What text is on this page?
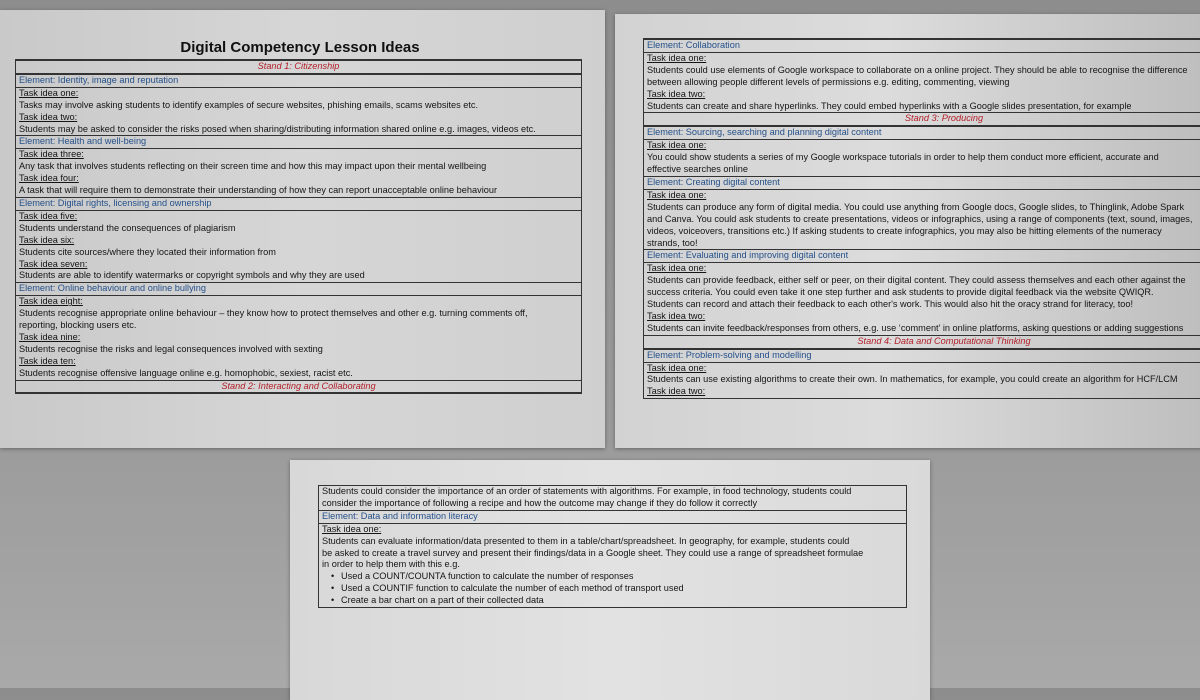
Digital Competency Lesson Ideas
Stand 1: Citizenship
Element: Identity, image and reputation
Task idea one:
Tasks may involve asking students to identify examples of secure websites, phishing emails, scams websites etc.
Task idea two:
Students may be asked to consider the risks posed when sharing/distributing information shared online e.g. images, videos etc.
Element: Health and well-being
Task idea three:
Any task that involves students reflecting on their screen time and how this may impact upon their mental wellbeing
Task idea four:
A task that will require them to demonstrate their understanding of how they can report unacceptable online behaviour
Element: Digital rights, licensing and ownership
Task idea five:
Students understand the consequences of plagiarism
Task idea six:
Students cite sources/where they located their information from
Task idea seven:
Students are able to identify watermarks or copyright symbols and why they are used
Element: Online behaviour and online bullying
Task idea eight:
Students recognise appropriate online behaviour – they know how to protect themselves and other e.g. turning comments off,
reporting, blocking users etc.
Task idea nine:
Students recognise the risks and legal consequences involved with sexting
Task idea ten:
Students recognise offensive language online e.g. homophobic, sexiest, racist etc.
Stand 2: Interacting and Collaborating
Element: Collaboration
Task idea one:
Students could use elements of Google workspace to collaborate on a online project. They should be able to recognise the difference
between allowing people different levels of permissions e.g. editing, commenting, viewing
Task idea two:
Students can create and share hyperlinks. They could embed hyperlinks with a Google slides presentation, for example
Stand 3: Producing
Element: Sourcing, searching and planning digital content
Task idea one:
You could show students a series of my Google workspace tutorials in order to help them conduct more efficient, accurate and
effective searches online
Element: Creating digital content
Task idea one:
Students can produce any form of digital media. You could use anything from Google docs, Google slides, to Thinglink, Adobe Spark
and Canva. You could ask students to create presentations, videos or infographics, using a range of components (text, sound, images,
videos, voiceovers, transitions etc.) If asking students to create infographics, you may also be hitting elements of the numeracy
strands, too!
Element: Evaluating and improving digital content
Task idea one:
Students can provide feedback, either self or peer, on their digital content. They could assess themselves and each other against the
success criteria. You could even take it one step further and ask students to provide digital feedback via the website QWIQR.
Students can record and attach their feedback to each other's work. This would also hit the oracy strand for literacy, too!
Task idea two:
Students can invite feedback/responses from others, e.g. use ‘comment’ in online platforms, asking questions or adding suggestions
Stand 4: Data and Computational Thinking
Element: Problem-solving and modelling
Task idea one:
Students can use existing algorithms to create their own. In mathematics, for example, you could create an algorithm for HCF/LCM
Task idea two:
Students could consider the importance of an order of statements with algorithms. For example, in food technology, students could
consider the importance of following a recipe and how the outcome may change if they do follow it correctly
Element: Data and information literacy
Task idea one:
Students can evaluate information/data presented to them in a table/chart/spreadsheet. In geography, for example, students could
be asked to create a travel survey and present their findings/data in a Google sheet. They could use a range of spreadsheet formulae
in order to help them with this e.g.
• Used a COUNT/COUNTA function to calculate the number of responses
• Used a COUNTIF function to calculate the number of each method of transport used
• Create a bar chart on a part of their collected data
